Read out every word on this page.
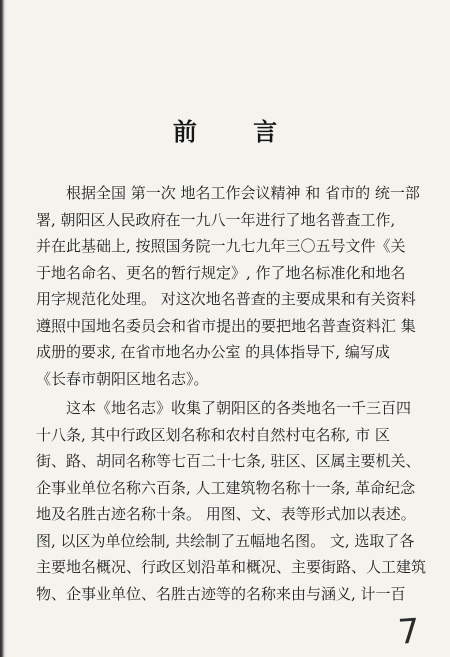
前 言
根据全国 第一次 地名工作会议精神 和 省市的 统一部
署, 朝阳区人民政府在一九八一年进行了地名普查工作,
并在此基础上, 按照国务院一九七九年三〇五号文件《关
于地名命名、更名的暂行规定》, 作了地名标准化和地名
用字规范化处理。 对这次地名普查的主要成果和有关资料
遵照中国地名委员会和省市提出的要把地名普查资料汇 集
成册的要求, 在省市地名办公室 的具体指导下, 编写成
《长春市朝阳区地名志》。
这本《地名志》收集了朝阳区的各类地名一千三百四
十八条, 其中行政区划名称和农村自然村屯名称, 市 区
街、路、胡同名称等七百二十七条, 驻区、区属主要机关、
企事业单位名称六百条, 人工建筑物名称十一条, 革命纪念
地及名胜古迹名称十条。 用图、文、表等形式加以表述。
图, 以区为单位绘制, 共绘制了五幅地名图。 文, 选取了各
主要地名概况、行政区划沿革和概况、主要街路、人工建筑
物、企事业单位、名胜古迹等的名称来由与涵义, 计一百
7
